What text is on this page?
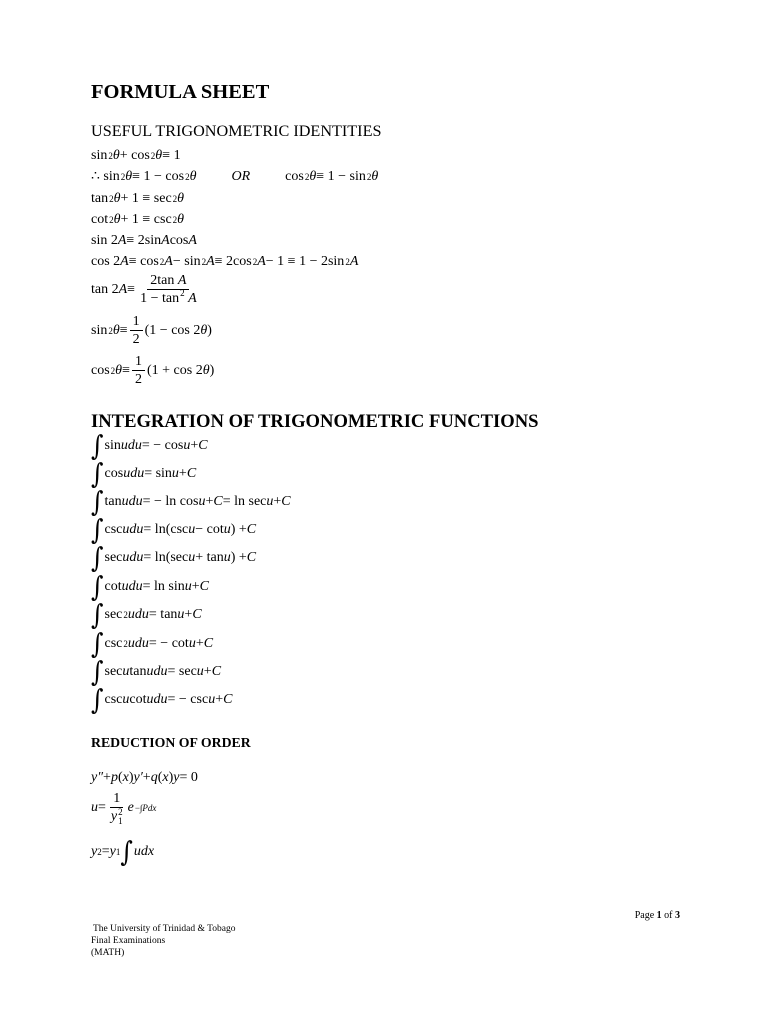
FORMULA SHEET
USEFUL TRIGONOMETRIC IDENTITIES
sin 2 θ + cos 2 θ ≡ 1
∴ sin 2 θ ≡ 1 − cos 2 θ
   	OR    cos 2 θ ≡ 1 − sin 2 θ
tan 2 θ + 1 ≡ sec 2 θ
cot 2 θ + 1 ≡ csc 2 θ
sin 2 A ≡ 2sin A cos A
cos 2 A ≡ cos 2 A − sin 2 A ≡ 2cos 2 A − 1 ≡ 1 − 2sin 2 A
tan 2 $A \equiv \frac{\text{2tan A}}{1 - \tan^2 A}$
sin 2 $\theta \equiv \frac{1}{2} (1 - \cos 2$ θ )
cos 2 $\theta \equiv \frac{1}{2} (1 + \cos 2$ θ )
INTEGRATION OF TRIGONOMETRIC FUNCTIONS
∫ sin udu = − cos u + C
∫ cos udu = sin u + C
∫ tan udu = − ln cos u + C = ln sec u + C
∫ csc udu = ln(csc u − cot u ) + C
∫ sec udu = ln(sec u + tan u ) + C
∫ cot udu = ln sin u + C
∫ sec 2 udu = tan u + C
∫ csc 2 udu = − cot u + C
∫ sec u tan udu = sec u + C
∫ csc u cot udu = − csc u + C
REDUCTION OF ORDER
y″ + p ( x ) y′ + q ( x ) y = 0
u = 1
y 2
1 e −∫Pdx
y 2 = y 1 ∫ udx
Page 1 of 3
The University of Trinidad & Tobago
Final Examinations
(MATH)
